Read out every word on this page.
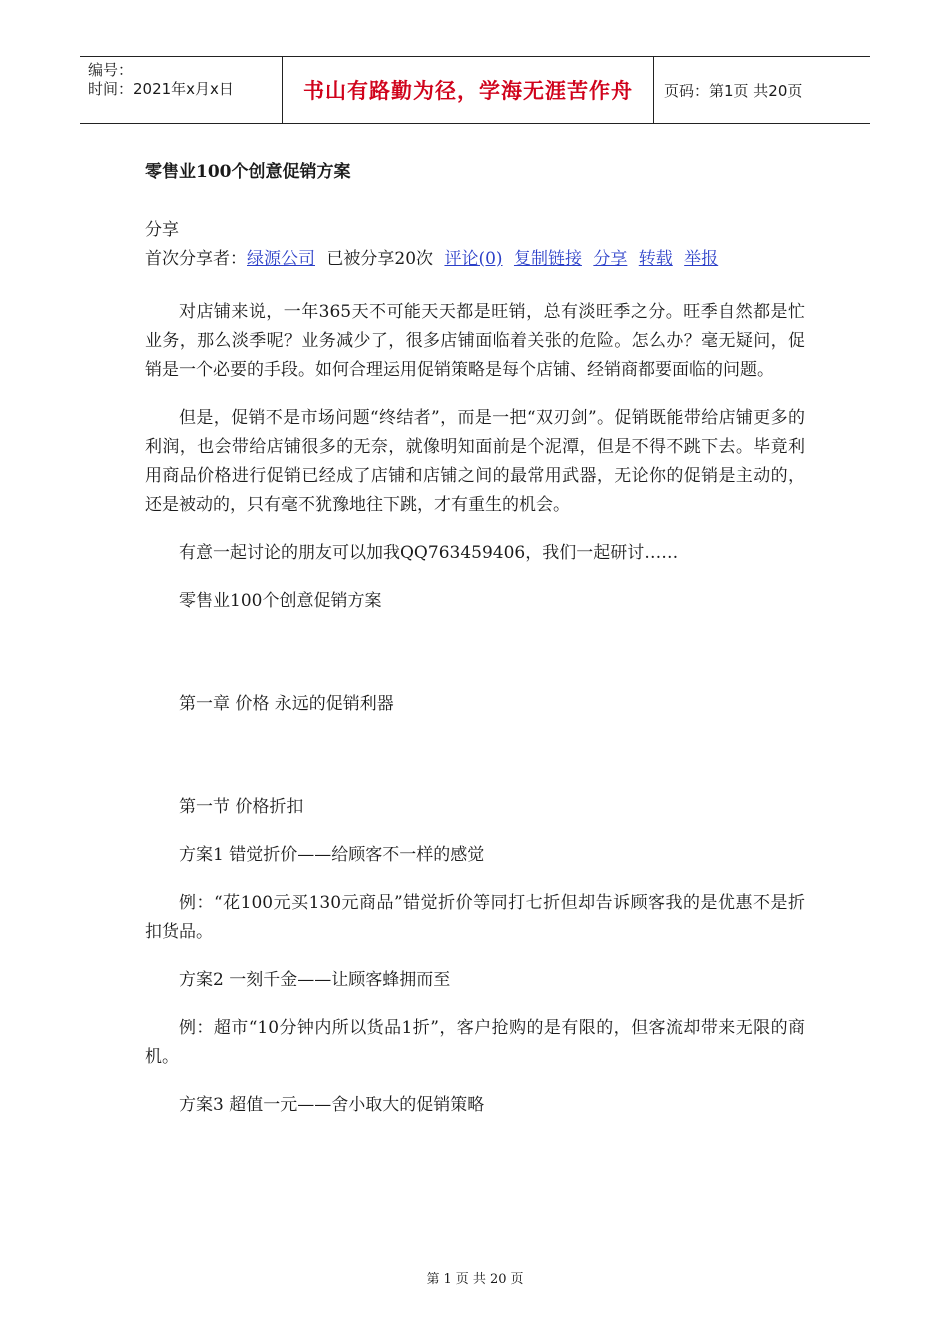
编号：
时间：2021年x月x日	书山有路勤为径，学海无涯苦作舟	页码：第1页 共20页
零售业100个创意促销方案
分享
首次分享者：绿源公司 已被分享20次 评论(0) 复制链接 分享 转载 举报

对店铺来说，一年365天不可能天天都是旺销，总有淡旺季之分。旺季自然都是忙业务，那么淡季呢？业务减少了，很多店铺面临着关张的危险。怎么办？毫无疑问，促销是一个必要的手段。如何合理运用促销策略是每个店铺、经销商都要面临的问题。

但是，促销不是市场问题“终结者”，而是一把“双刃剑”。促销既能带给店铺更多的利润，也会带给店铺很多的无奈，就像明知面前是个泥潭，但是不得不跳下去。毕竟利用商品价格进行促销已经成了店铺和店铺之间的最常用武器，无论你的促销是主动的，还是被动的，只有毫不犹豫地往下跳，才有重生的机会。

有意一起讨论的朋友可以加我QQ763459406，我们一起研讨……

零售业100个创意促销方案

第一章 价格 永远的促销利器

第一节 价格折扣

方案1 错觉折价——给顾客不一样的感觉

例：“花100元买130元商品”错觉折价等同打七折但却告诉顾客我的是优惠不是折扣货品。

方案2 一刻千金——让顾客蜂拥而至

例：超市“10分钟内所以货品1折”，客户抢购的是有限的，但客流却带来无限的商机。

方案3 超值一元——舍小取大的促销策略

第 1 页 共 20 页
